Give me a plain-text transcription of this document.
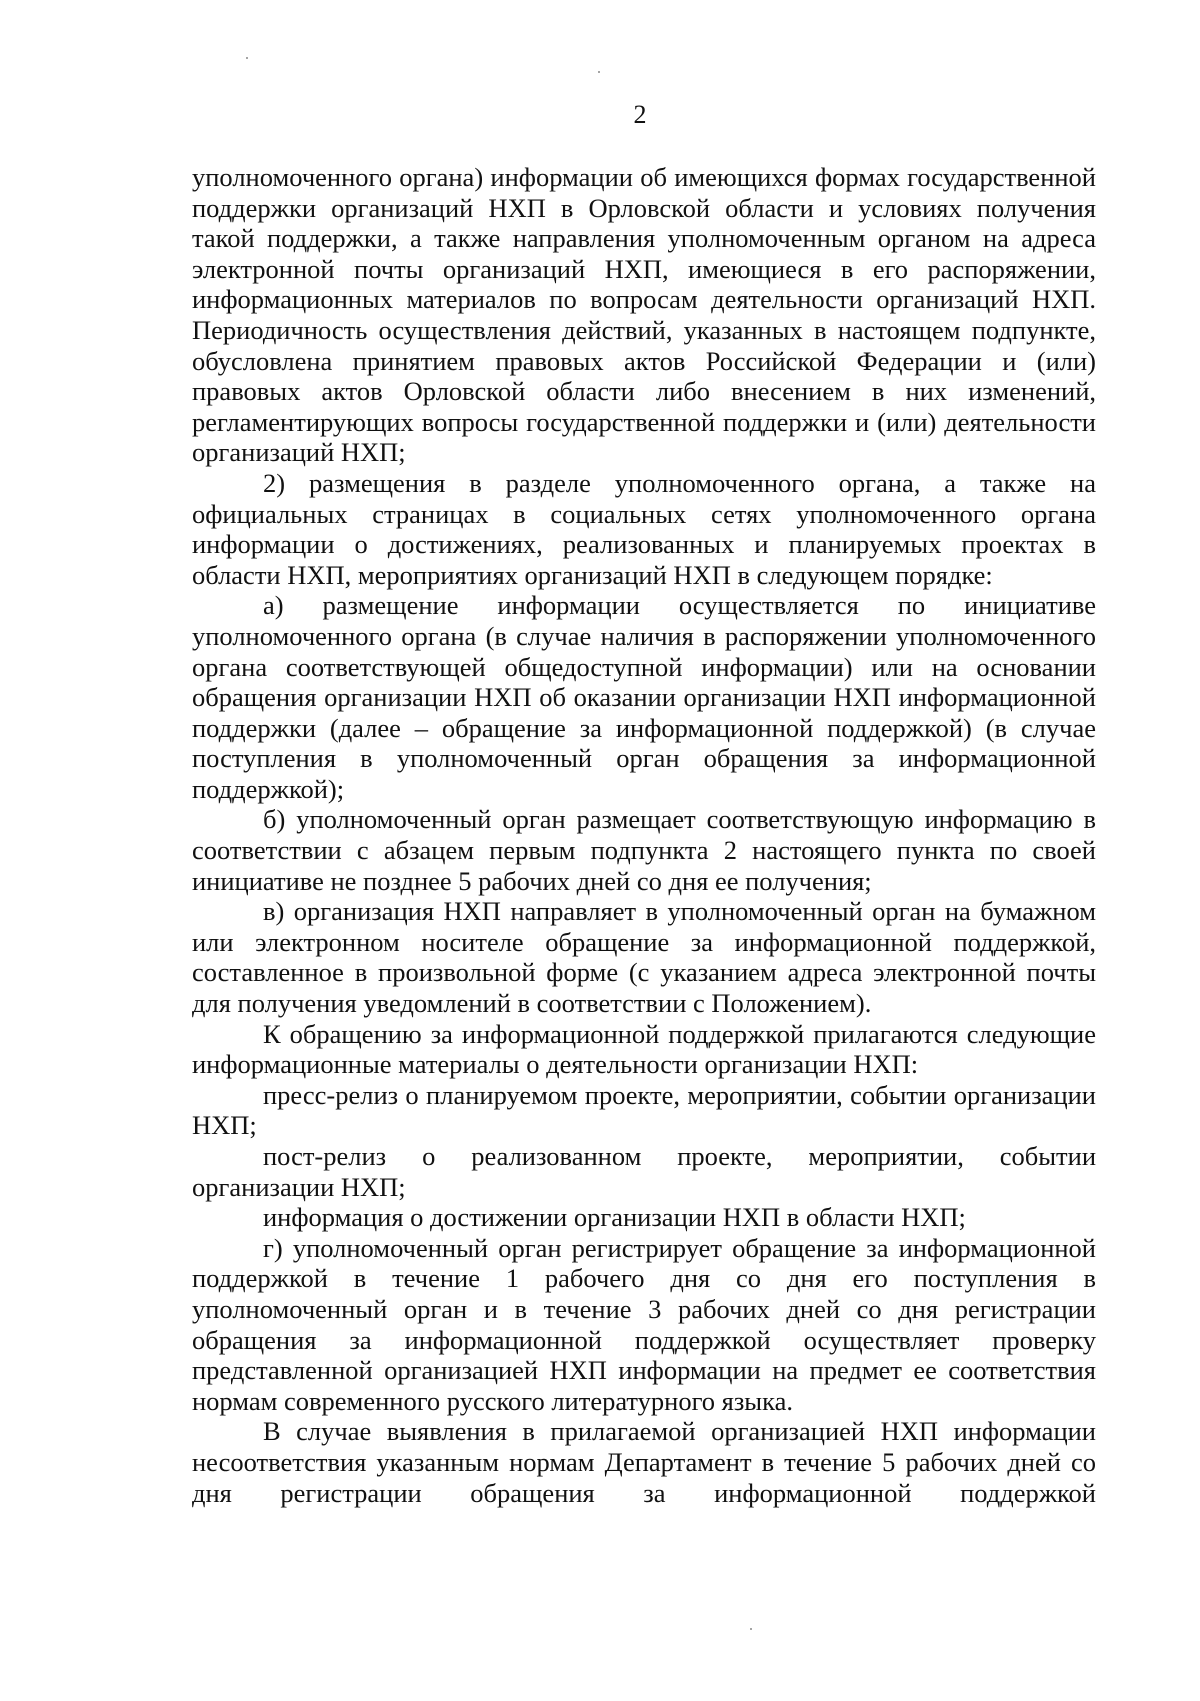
2

уполномоченного органа) информации об имеющихся формах государственной поддержки организаций НХП в Орловской области и условиях получения такой поддержки, а также направления уполномоченным органом на адреса электронной почты организаций НХП, имеющиеся в его распоряжении, информационных материалов по вопросам деятельности организаций НХП. Периодичность осуществления действий, указанных в настоящем подпункте, обусловлена принятием правовых актов Российской Федерации и (или) правовых актов Орловской области либо внесением в них изменений, регламентирующих вопросы государственной поддержки и (или) деятельности организаций НХП;

2) размещения в разделе уполномоченного органа, а также на официальных страницах в социальных сетях уполномоченного органа информации о достижениях, реализованных и планируемых проектах в области НХП, мероприятиях организаций НХП в следующем порядке:

а) размещение информации осуществляется по инициативе уполномоченного органа (в случае наличия в распоряжении уполномоченного органа соответствующей общедоступной информации) или на основании обращения организации НХП об оказании организации НХП информационной поддержки (далее – обращение за информационной поддержкой) (в случае поступления в уполномоченный орган обращения за информационной поддержкой);

б) уполномоченный орган размещает соответствующую информацию в соответствии с абзацем первым подпункта 2 настоящего пункта по своей инициативе не позднее 5 рабочих дней со дня ее получения;

в) организация НХП направляет в уполномоченный орган на бумажном или электронном носителе обращение за информационной поддержкой, составленное в произвольной форме (с указанием адреса электронной почты для получения уведомлений в соответствии с Положением).

К обращению за информационной поддержкой прилагаются следующие информационные материалы о деятельности организации НХП:

пресс-релиз о планируемом проекте, мероприятии, событии организации НХП;

пост-релиз о реализованном проекте, мероприятии, событии организации НХП;

информация о достижении организации НХП в области НХП;

г) уполномоченный орган регистрирует обращение за информационной поддержкой в течение 1 рабочего дня со дня его поступления в уполномоченный орган и в течение 3 рабочих дней со дня регистрации обращения за информационной поддержкой осуществляет проверку представленной организацией НХП информации на предмет ее соответствия нормам современного русского литературного языка.

В случае выявления в прилагаемой организацией НХП информации несоответствия указанным нормам Департамент в течение 5 рабочих дней со дня регистрации обращения за информационной поддержкой
